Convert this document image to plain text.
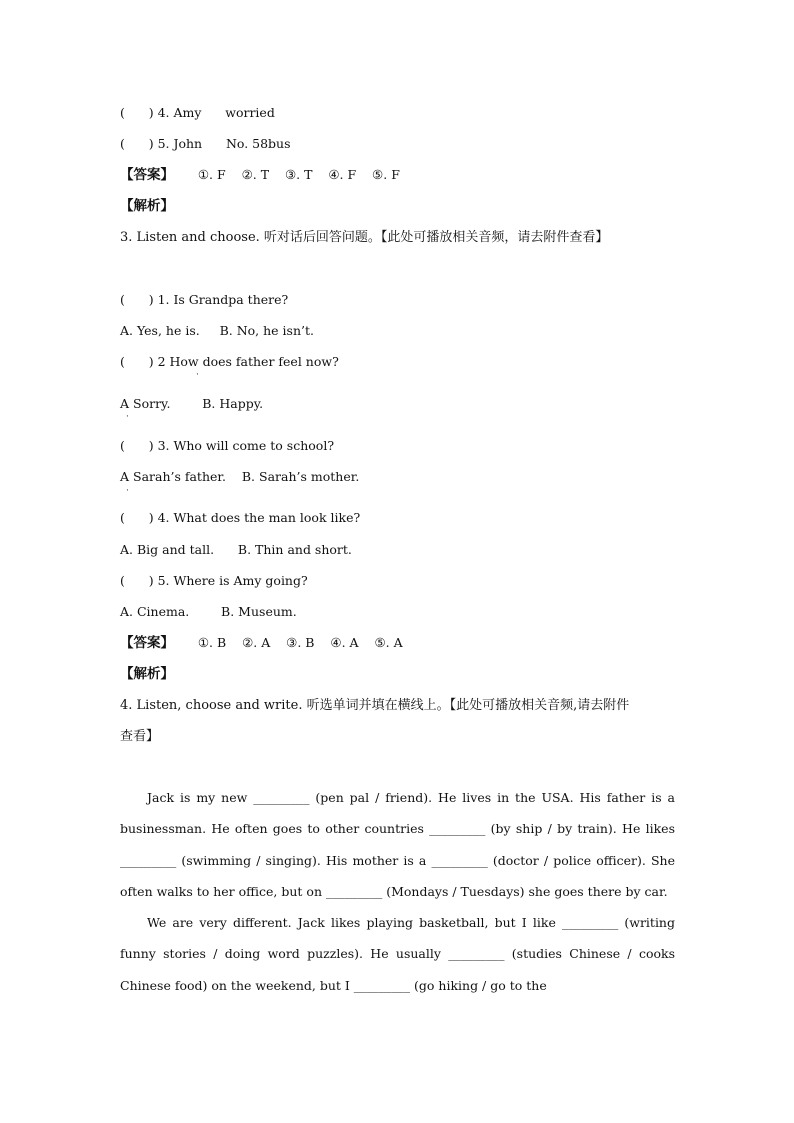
(      ) 4. Amy      worried
(      ) 5. John      No. 58bus
【答案】 ①. F    ②. T    ③. T    ④. F    ⑤. F
【解析】
3. Listen and choose. 听对话后回答问题。【此处可播放相关音频，请去附件查看】
(      ) 1. Is Grandpa there?
A. Yes, he is.     B. No, he isn’t.
(      ) 2 How does father feel now?
·
A Sorry.        B. Happy.
·
(      ) 3. Who will come to school?
A Sarah’s father.    B. Sarah’s mother.
·
(      ) 4. What does the man look like?
A. Big and tall.      B. Thin and short.
(      ) 5. Where is Amy going?
A. Cinema.        B. Museum.
【答案】 ①. B    ②. A    ③. B    ④. A    ⑤. A
【解析】
4. Listen, choose and write. 听选单词并填在横线上。【此处可播放相关音频,请去附件
查看】

Jack is my new _________ (pen pal / friend). He lives in the USA. His father is a businessman. He often goes to other countries _________ (by ship / by train). He likes _________ (swimming / singing). His mother is a _________ (doctor / police officer). She often walks to her office, but on _________ (Mondays / Tuesdays) she goes there by car.

We are very different. Jack likes playing basketball, but I like _________ (writing funny stories / doing word puzzles). He usually _________ (studies Chinese / cooks Chinese food) on the weekend, but I _________ (go hiking / go to the
